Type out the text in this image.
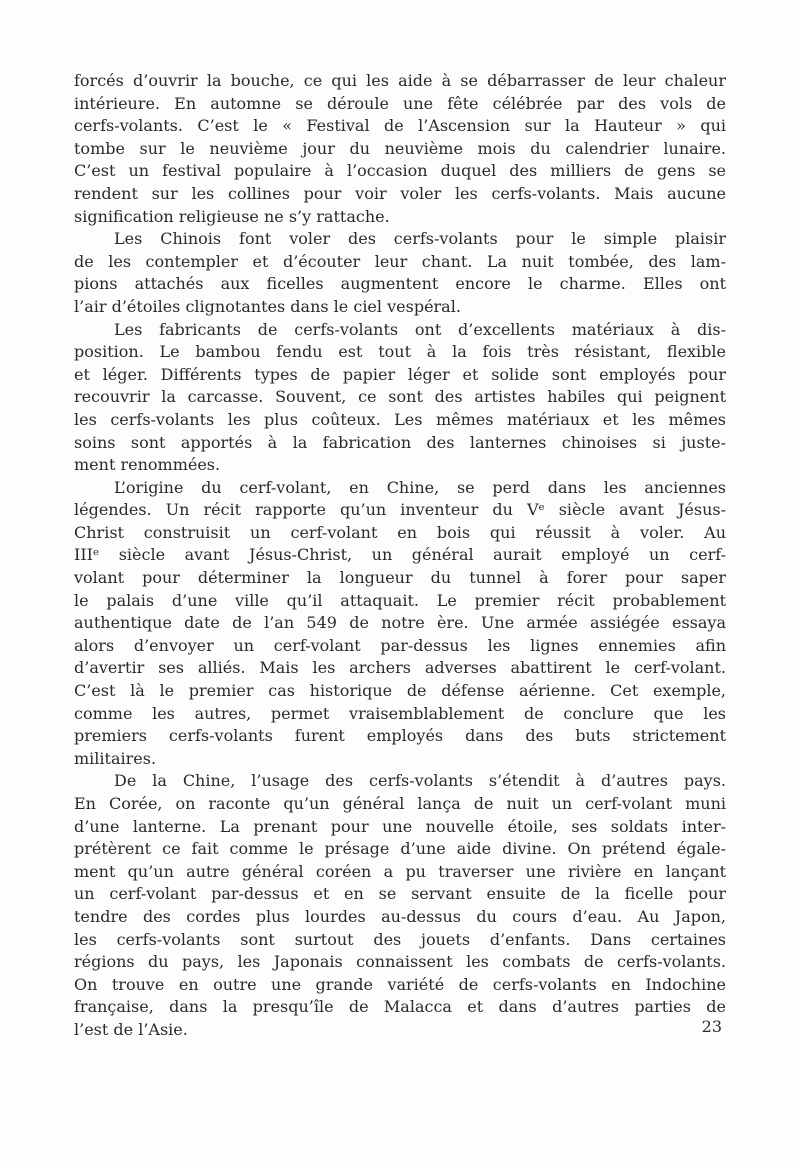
forcés d’ouvrir la bouche, ce qui les aide à se débarrasser de leur chaleur
intérieure. En automne se déroule une fête célébrée par des vols de
cerfs-volants. C’est le « Festival de l’Ascension sur la Hauteur » qui
tombe sur le neuvième jour du neuvième mois du calendrier lunaire.
C’est un festival populaire à l’occasion duquel des milliers de gens se
rendent sur les collines pour voir voler les cerfs-volants. Mais aucune
signification religieuse ne s’y rattache.

Les Chinois font voler des cerfs-volants pour le simple plaisir
de les contempler et d’écouter leur chant. La nuit tombée, des lam-
pions attachés aux ficelles augmentent encore le charme. Elles ont
l’air d’étoiles clignotantes dans le ciel vespéral.

Les fabricants de cerfs-volants ont d’excellents matériaux à dis-
position. Le bambou fendu est tout à la fois très résistant, flexible
et léger. Différents types de papier léger et solide sont employés pour
recouvrir la carcasse. Souvent, ce sont des artistes habiles qui peignent
les cerfs-volants les plus coûteux. Les mêmes matériaux et les mêmes
soins sont apportés à la fabrication des lanternes chinoises si juste-
ment renommées.

L’origine du cerf-volant, en Chine, se perd dans les anciennes
légendes. Un récit rapporte qu’un inventeur du Vᵉ siècle avant Jésus-
Christ construisit un cerf-volant en bois qui réussit à voler. Au
IIIᵉ siècle avant Jésus-Christ, un général aurait employé un cerf-
volant pour déterminer la longueur du tunnel à forer pour saper
le palais d’une ville qu’il attaquait. Le premier récit probablement
authentique date de l’an 549 de notre ère. Une armée assiégée essaya
alors d’envoyer un cerf-volant par-dessus les lignes ennemies afin
d’avertir ses alliés. Mais les archers adverses abattirent le cerf-volant.
C’est là le premier cas historique de défense aérienne. Cet exemple,
comme les autres, permet vraisemblablement de conclure que les
premiers cerfs-volants furent employés dans des buts strictement
militaires.

De la Chine, l’usage des cerfs-volants s’étendit à d’autres pays.
En Corée, on raconte qu’un général lança de nuit un cerf-volant muni
d’une lanterne. La prenant pour une nouvelle étoile, ses soldats inter-
prétèrent ce fait comme le présage d’une aide divine. On prétend égale-
ment qu’un autre général coréen a pu traverser une rivière en lançant
un cerf-volant par-dessus et en se servant ensuite de la ficelle pour
tendre des cordes plus lourdes au-dessus du cours d’eau. Au Japon,
les cerfs-volants sont surtout des jouets d’enfants. Dans certaines
régions du pays, les Japonais connaissent les combats de cerfs-volants.
On trouve en outre une grande variété de cerfs-volants en Indochine
française, dans la presqu’île de Malacca et dans d’autres parties de
l’est de l’Asie.	23
